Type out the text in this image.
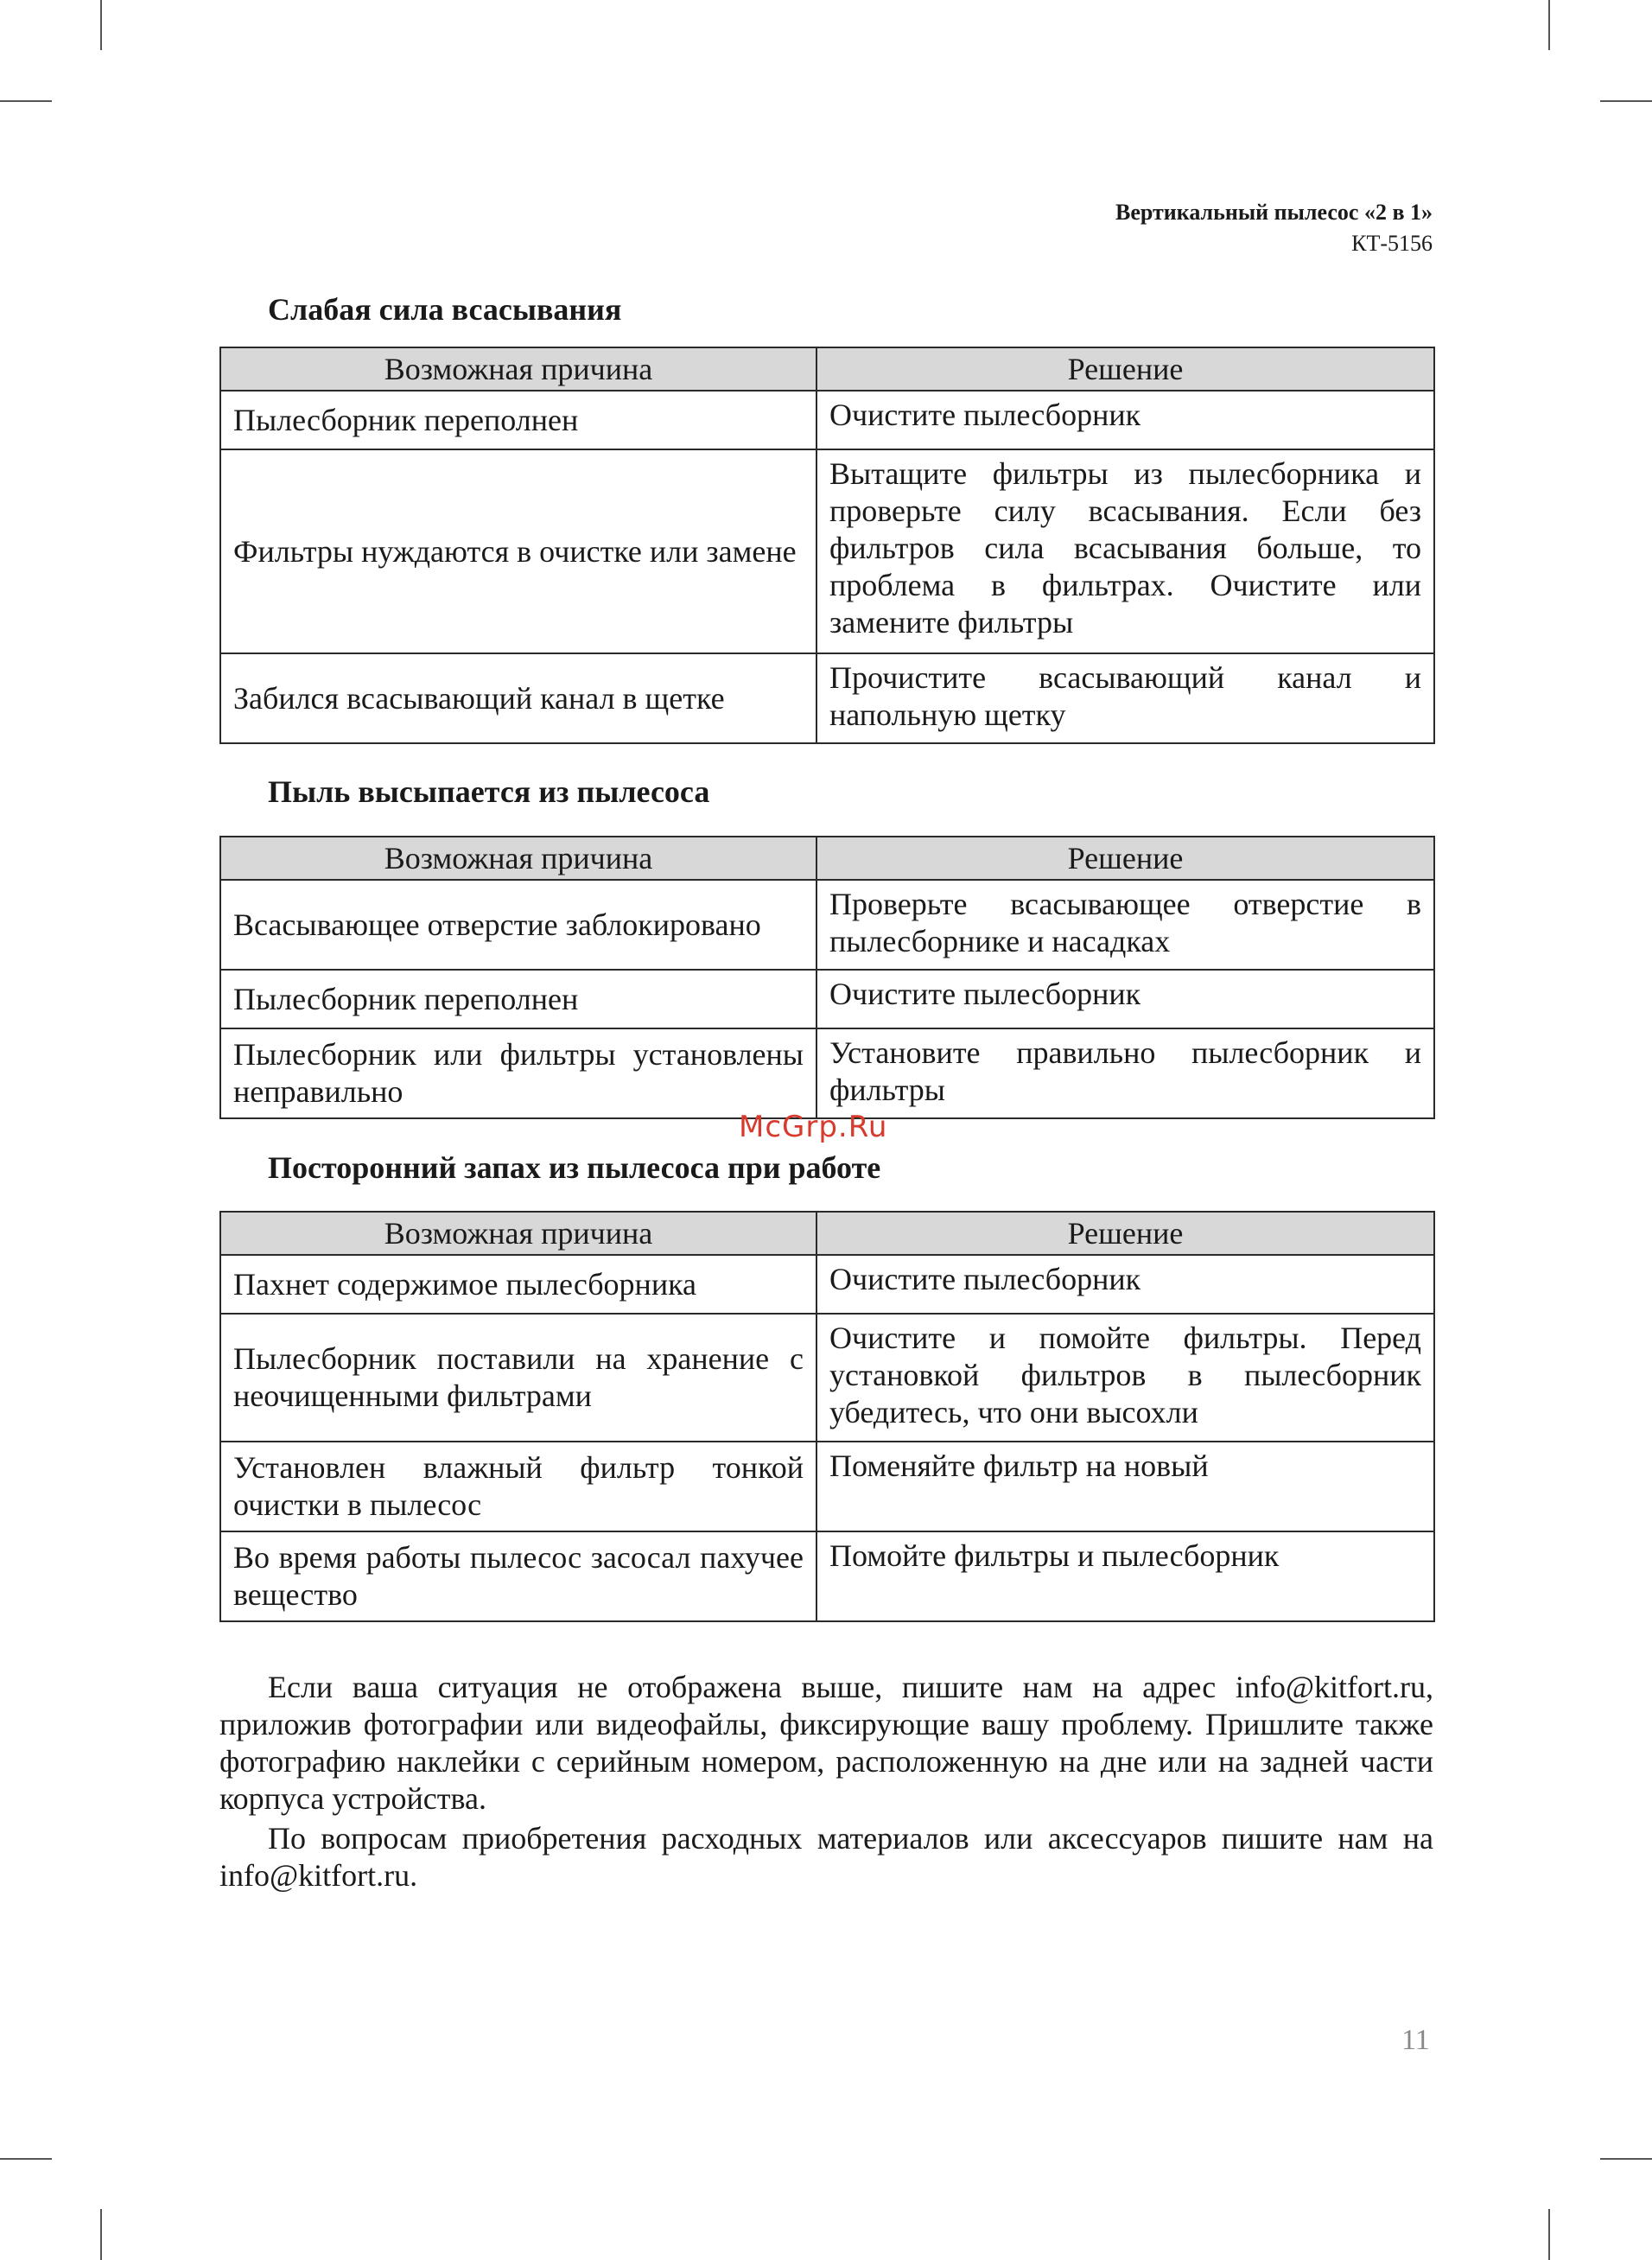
Вертикальный пылесос «2 в 1»
КТ-5156
Слабая сила всасывания
Возможная причина	Решение
Пылесборник переполнен	Очистите пылесборник
Фильтры нуждаются в очистке или замене	Вытащите фильтры из пылесборника и проверьте силу всасывания. Если без фильтров сила всасывания больше, то проблема в фильтрах. Очистите или замените фильтры
Забился всасывающий канал в щетке	Прочистите всасывающий канал и напольную щетку
Пыль высыпается из пылесоса
Возможная причина	Решение
Всасывающее отверстие заблокировано	Проверьте всасывающее отверстие в пылесборнике и насадках
Пылесборник переполнен	Очистите пылесборник
Пылесборник или фильтры установлены неправильно	Установите правильно пылесборник и фильтры
McGrp.Ru
Посторонний запах из пылесоса при работе
Возможная причина	Решение
Пахнет содержимое пылесборника	Очистите пылесборник
Пылесборник поставили на хранение с неочищенными фильтрами	Очистите и помойте фильтры. Перед установкой фильтров в пылесборник убедитесь, что они высохли
Установлен влажный фильтр тонкой очистки в пылесос	Поменяйте фильтр на новый
Во время работы пылесос засосал пахучее вещество	Помойте фильтры и пылесборник

Если ваша ситуация не отображена выше, пишите нам на адрес info@kitfort.ru, приложив фотографии или видеофайлы, фиксирующие вашу проблему. Пришлите также фотографию наклейки с серийным номером, расположенную на дне или на задней части корпуса устройства.

По вопросам приобретения расходных материалов или аксессуаров пишите нам на info@kitfort.ru.

11
